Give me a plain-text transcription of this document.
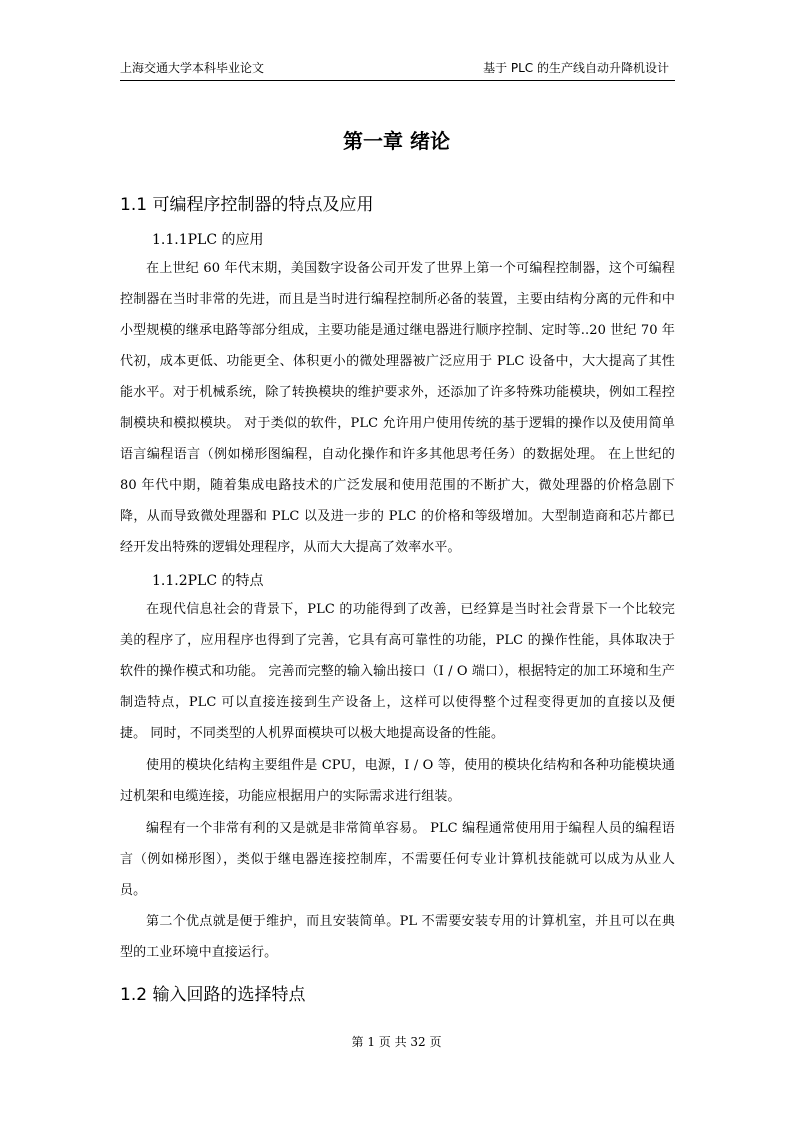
上海交通大学本科毕业论文	基于 PLC 的生产线自动升降机设计
第一章 绪论
1.1 可编程序控制器的特点及应用
1.1.1PLC 的应用

在上世纪 60 年代末期，美国数字设备公司开发了世界上第一个可编程控制器，这个可编程控制器在当时非常的先进，而且是当时进行编程控制所必备的装置，主要由结构分离的元件和中小型规模的继承电路等部分组成，主要功能是通过继电器进行顺序控制、定时等..20 世纪 70 年代初，成本更低、功能更全、体积更小的微处理器被广泛应用于 PLC 设备中，大大提高了其性能水平。对于机械系统，除了转换模块的维护要求外，还添加了许多特殊功能模块，例如工程控制模块和模拟模块。 对于类似的软件，PLC 允许用户使用传统的基于逻辑的操作以及使用简单语言编程语言（例如梯形图编程，自动化操作和许多其他思考任务）的数据处理。 在上世纪的 80 年代中期，随着集成电路技术的广泛发展和使用范围的不断扩大，微处理器的价格急剧下降，从而导致微处理器和 PLC 以及进一步的 PLC 的价格和等级增加。大型制造商和芯片都已经开发出特殊的逻辑处理程序，从而大大提高了效率水平。

1.1.2PLC 的特点

在现代信息社会的背景下，PLC 的功能得到了改善，已经算是当时社会背景下一个比较完美的程序了，应用程序也得到了完善，它具有高可靠性的功能，PLC 的操作性能，具体取决于软件的操作模式和功能。 完善而完整的输入输出接口（I / O 端口），根据特定的加工环境和生产制造特点，PLC 可以直接连接到生产设备上，这样可以使得整个过程变得更加的直接以及便捷。 同时，不同类型的人机界面模块可以极大地提高设备的性能。

使用的模块化结构主要组件是 CPU，电源，I / O 等，使用的模块化结构和各种功能模块通过机架和电缆连接，功能应根据用户的实际需求进行组装。

编程有一个非常有利的又是就是非常简单容易。 PLC 编程通常使用用于编程人员的编程语言（例如梯形图），类似于继电器连接控制库，不需要任何专业计算机技能就可以成为从业人员。

第二个优点就是便于维护，而且安装简单。PL 不需要安装专用的计算机室，并且可以在典型的工业环境中直接运行。

1.2 输入回路的选择特点
第 1 页 共 32 页
